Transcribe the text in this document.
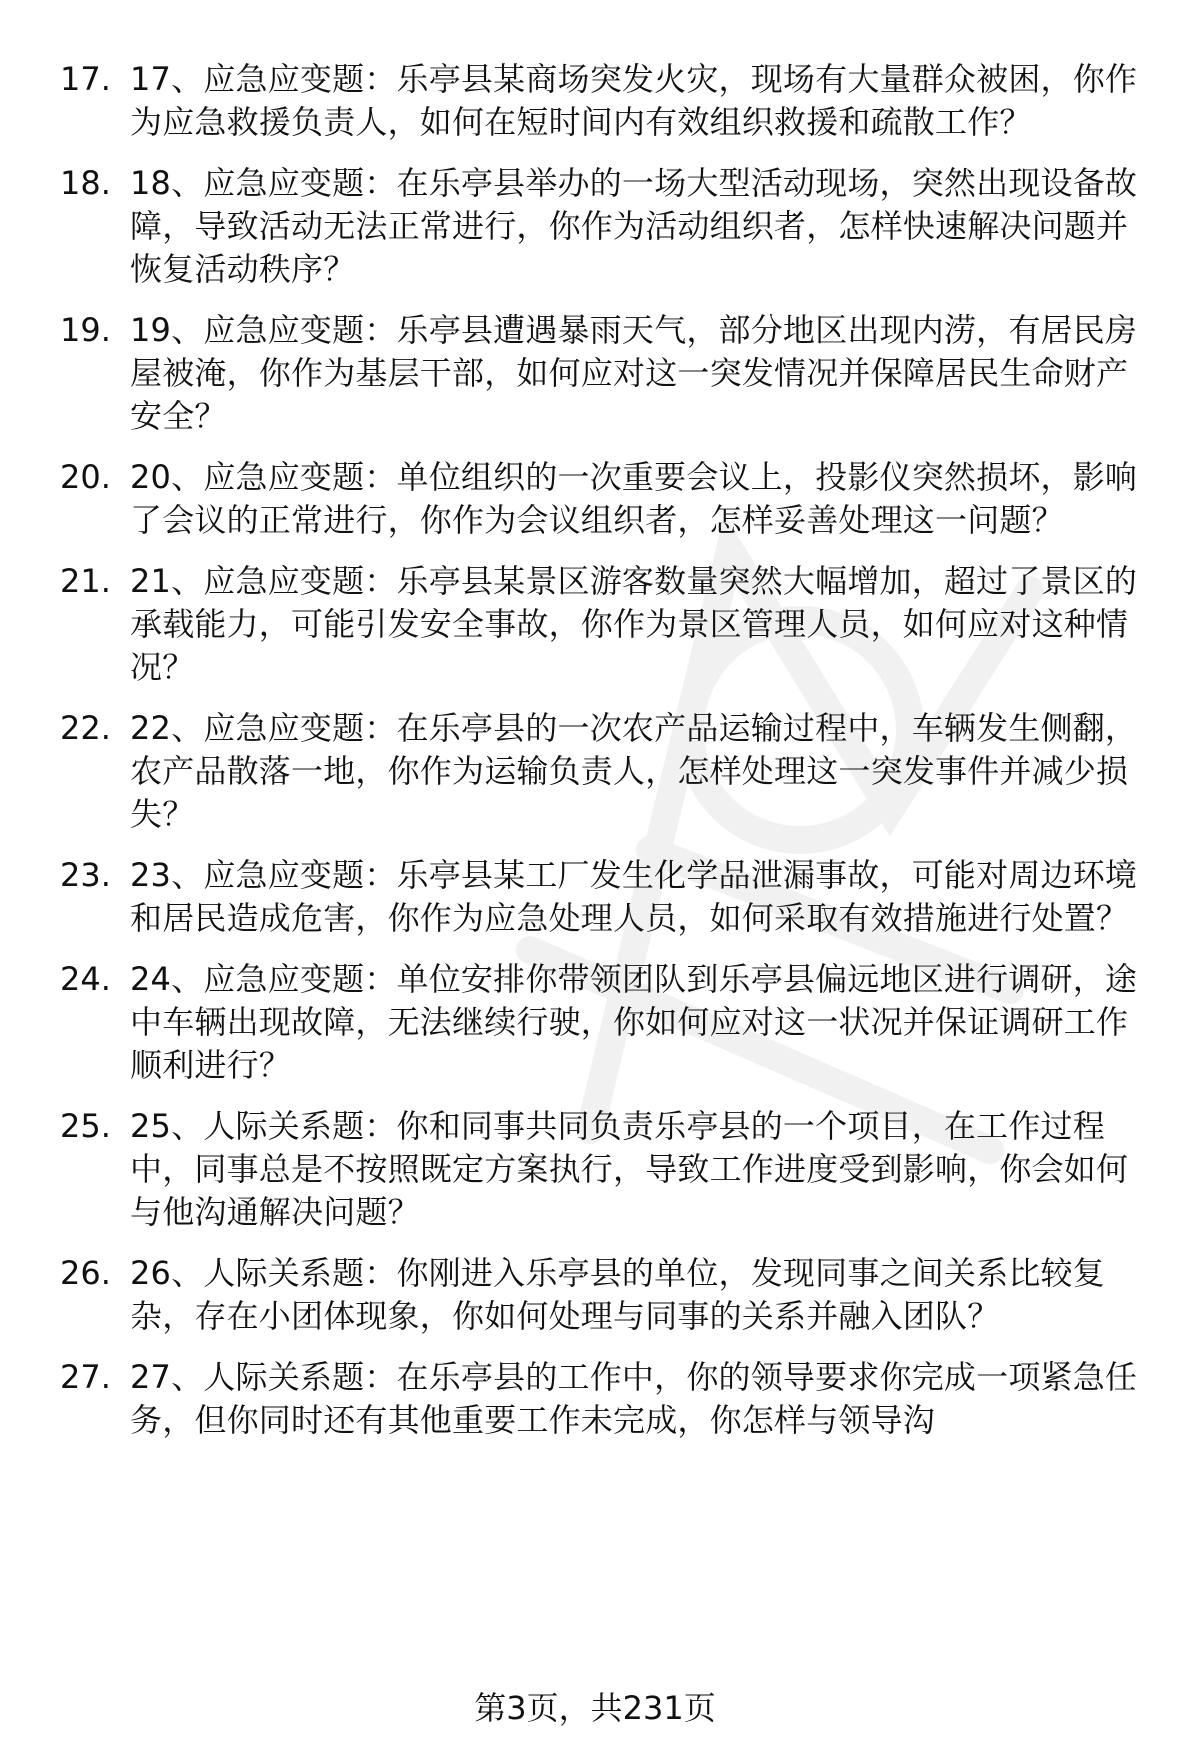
17. 17、应急应变题：乐亭县某商场突发火灾，现场有大量群众被困，你作为应急救援负责人，如何在短时间内有效组织救援和疏散工作？
18. 18、应急应变题：在乐亭县举办的一场大型活动现场，突然出现设备故障，导致活动无法正常进行，你作为活动组织者，怎样快速解决问题并恢复活动秩序？
19. 19、应急应变题：乐亭县遭遇暴雨天气，部分地区出现内涝，有居民房屋被淹，你作为基层干部，如何应对这一突发情况并保障居民生命财产安全？
20. 20、应急应变题：单位组织的一次重要会议上，投影仪突然损坏，影响了会议的正常进行，你作为会议组织者，怎样妥善处理这一问题？
21. 21、应急应变题：乐亭县某景区游客数量突然大幅增加，超过了景区的承载能力，可能引发安全事故，你作为景区管理人员，如何应对这种情况？
22. 22、应急应变题：在乐亭县的一次农产品运输过程中，车辆发生侧翻，农产品散落一地，你作为运输负责人，怎样处理这一突发事件并减少损失？
23. 23、应急应变题：乐亭县某工厂发生化学品泄漏事故，可能对周边环境和居民造成危害，你作为应急处理人员，如何采取有效措施进行处置？
24. 24、应急应变题：单位安排你带领团队到乐亭县偏远地区进行调研，途中车辆出现故障，无法继续行驶，你如何应对这一状况并保证调研工作顺利进行？
25. 25、人际关系题：你和同事共同负责乐亭县的一个项目，在工作过程中，同事总是不按照既定方案执行，导致工作进度受到影响，你会如何与他沟通解决问题？
26. 26、人际关系题：你刚进入乐亭县的单位，发现同事之间关系比较复杂，存在小团体现象，你如何处理与同事的关系并融入团队？
27. 27、人际关系题：在乐亭县的工作中，你的领导要求你完成一项紧急任务，但你同时还有其他重要工作未完成，你怎样与领导沟
第3页，共231页
